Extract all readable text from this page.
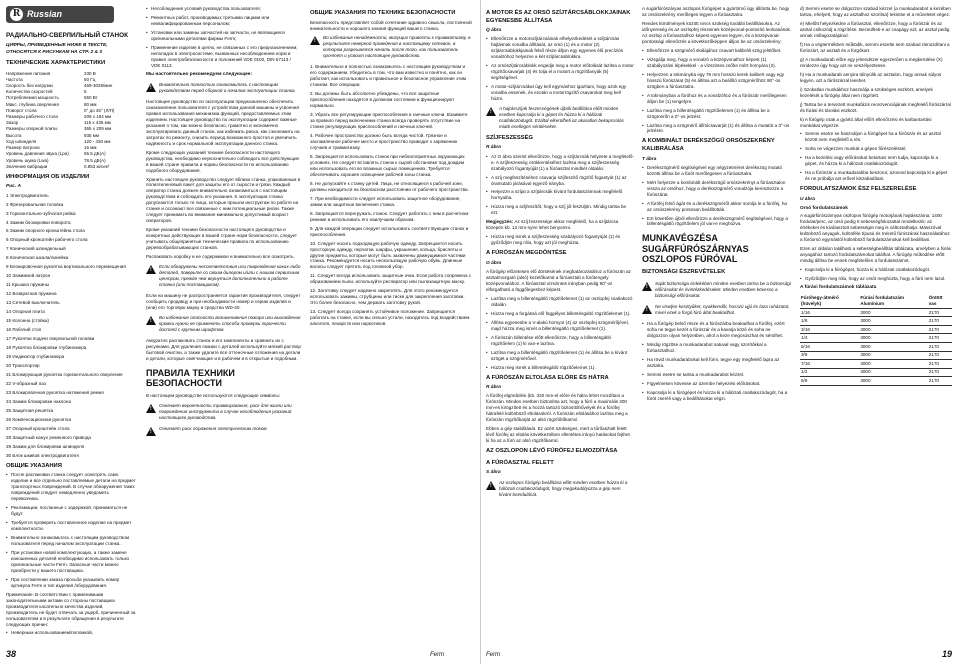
R Russian
РАДИАЛЬНО-СВЕРЛИЛЬНЫЙ СТАНОК
ЦИФРЫ, ПРИВЕДЕННЫЕ НИЖЕ В ТЕКСТЕ, ОТНОСЯТСЯ К РИСУНКАМ НА СТР. 2 & 3
ТЕХНИЧЕСКИЕ ХАРАКТЕРИСТИКИ
Напряжение питания	230 В
Частота	50 Гц
Скорость без нагрузки	469-3028/мин
Количество скоростей	5
Потребляемая мощность	550 Вт
Макс. глубина сверления	80 мм
Поворот стола	0° до 45° (Л/П)
Размеры рабочего стола	209 x 184 мм
Зазор	115 x 435 мм
Размеры опорной плиты	365 x 209 мм
Высота	935 мм
Ход шпинделя	120 - 430 мм
Размер патрона	16 мм
Уровень давления звука (Lpa)	65.5 дБ(A)
Уровень шума (Lwa)	78.5 дБ(A)
Значение вибрации	0.853 м/сек²
ИНФОРМАЦИЯ ОБ ИЗДЕЛИИ
Рис. A
1 Электродвигатель
2 Фрезеровальная головка
3 Горизонтально-зубчатая рейка
4 Зажим блокировки поворота
5 Зажим опорного кронштейна стола
6 Опорный кронштейн рабочего стола
7 Конический шпиндельный
8 Коническая шкала/линейка
9 Блокировочная рукоятка вертикального перемещения
10 Зажимной патрон
11 Крышка пружины
12 Возвратная пружина
13 Сетевой выключатель
14 Опорная плита
15 Колонна (стойка)
16 Рабочий стол
17 Рукоятки подачи сверлильной головки
18 Рукоятка блокировки глубиномера
19 Индикатор глубиномера
20 Транспортир
21 Блокирующая рукоятка горизонтального сверления
22 V-образный паз
23 Блокировочная рукоятка натяжения ремня
24 Зажим блокировки наклона
25 Защитная решётка
26 Компенсационная рукоятка
27 Опорный кронштейн стола
28 Защитный кожух ременного привода
29 Зажим для блокировки шпинделя
30 Блок шкивов электродвигателя
ОБЩИЕ УКАЗАНИЯ
• После распаковки станка следует осмотреть само изделие и все отдельно поставляемые детали на предмет транспортных повреждений. В случае обнаружения таких повреждений следует немедленно уведомить перевозчика.
• Рекламации, посланные с задержкой, приниматься не будут.
• Требуется проверить поставленное изделие на предмет комплектности.
• Внимательно ознакомьтесь с настоящим руководством пользователя перед началом эксплуатации станка.
• При установке новой комплектующих, а также замене изношенных деталей необходимо использовать только оригинальные части Ferm. Запасные части можно приобрести у вашего поставщика.
• При составлении заказа просьба указывать номер артикула Ferm и тип изделия /оборудования.

Примечание: В соответствии с применимыми законодательными актами со стороны поставщика производителя касательно качества изделий, производитель не будет отвечать за ущерб, причиненный за пользователем и в результате обращения в результате следующих причин:

• Неверным использованием/поломкой,
• Несоблюдения условий руководства пользователя;
• Ремонтных работ, производимых третьими лицами или неквалифицированным персоналом;
• Установки или замены запчастей на запчасти, не являющиеся оригинальными деталями фирмы Ferm;
• Применение изделия в целях, не связанных с его предназначением; неполадок в электросистеме, вызванных несоблюдением норм и правил электробезопасности и положений VDE 0100, DIN 57113 / VDE 0113.
Мы настоятельно рекомендуем следующее:
!
Внимательно полностью ознакомьтесь с настоящим руководством перед сборкой и началом эксплуатации станка.

Настоящее руководство по эксплуатации предназначено обеспечить ознакомление пользователя с устройством данной машины и усвоения правил использования механизма функций, предоставляемых этим изделием. Настоящее руководство по эксплуатации содержит важные указания о том, как можно безопасно, грамотно и экономично эксплуатировать данный станок, как избежать риска, как сэкономить на затратах по ремонту, снизить период возможного простоя и увеличить надёжность и срок нормальной эксплуатации данного станка.

Кроме следующих указаний технике безопасности настоящего руководства, необходимо неукоснительно соблюдать все действующие в вашей стране правила и нормы безопасности по использованию подобного оборудования.

Хранить настоящее руководство следует вблизи станка, упакованным в полиэтиленовый пакет для защиты его от сырости и грязи. Каждый оператор станка должен внимательно ознакомиться с настоящим руководством и соблюдать его указания. К эксплуатации станка допускаются только те лица, которые прошли инструктаж по работе на станке и осознают все связанные с ним потенциальные риски. Также следует принимать во внимание минимально допустимый возраст операторов.

Кроме указаний техники безопасности настоящего руководства и конкретных действующих в вашей стране норм безопасности, следует учитывать общепринятые технические правила по использованию деревообрабатывающих станков.

Распаковать коробку и ее содержимое и внимательно все осмотреть.

!
Если обнаружены несоответствия или повреждения каких-либо деталей, поверьте со своим дилером и/или с нашим сервисным центром, прежде чем вернуться дополнительно в работе станка (или поставщиком).

Если на машину не распространяется гарантия производителя, следует сообщить продавцу и при необходимости номер и серию изделия и (или) его торговую марку и средства WD-40.

!
Во избежание опасности возникновения пожара или выхождения кромки нужно не применять способа проверки горючести дисплей с крупным шрифтом.

Аккуратно распаковать станок и его компоненты и сравнить их с рисунками. Для удаления смазки с деталей используйте мягкий раствор бытовой очистки, а также удалите все оттеночные отложения на детали и детали, которые смягчающие и в рабочем и в открытые и подобным.

ПРАВИЛА ТЕХНИКИ БЕЗОПАСНОСТИ

В настоящем руководстве используются следующие символы:

!
Означает вероятность травмирования, риск для жизни или повреждения инструмента в случае несоблюдения указаний настоящего руководства.
!
Означает риск поражения электрическим током.
ОБЩИЕ УКАЗАНИЯ ПО ТЕХНИКЕ БЕЗОПАСНОСТИ

Безопасность представляет собой сочетание здравого смысла, постоянной внимательности и хорошего знания функций вашего станка.

!
Во избежание ненадёжности, могущих привести к травматизму, в результате неверной проведения в настоящему сетевое, в котором разрешается начать после того, как пользователь прочтет и усвоит настоящее руководство.
1. Внимательно и полностью ознакомьтесь с настоящим руководством и его содержанием. Убедитесь в том, что вам известно и понятно, как он работает, как использовать и правильное и безопасное управление этим станком. Все операции.
2. Вы должны быть абсолютно убеждены, что все защитные приспособления находятся в должном состоянии и функционируют нормально.
3. Убрать все регулирующие приспособления и гаечные ключи. Взаимите за правило перед включением станка всегда проверять отсутствие на станке регулирующих приспособлений и гаечных ключей.
4. Рабочее пространство должно быть всегда чистой. Грязное и захламленное рабочее место и пространство приводит к заряжению случаев и травматизму.
5. Запрещается использовать станок при неблагоприятных окружающих условиях. Не следует вставлять станок к сырой обстановке под дождем или использовать его во влажных сырых помещениях. Требуется обеспечивать хорошее освещение рабочей зоны станка.
6. Не допускайте к станку детей. Лица, не относящиеся к рабочей зоне, должны находиться на безопасном расстоянии от рабочего пространства.
7. При необходимости следует использовать защитное оборудование, замки или защитные включения станка.
8. Запрещается перегружать станок. Следует работать с ним в расчетном режиме и использовать его наилучшим образом.
9. Для каждой операции следует использовать соответствующие станок и приспособления.
10. Следует носить подходящую рабочую одежду. Запрещается носить просторную одежду, перчатки, шарфы, украшения, кольца, браслеты и другие предметы, которые могут быть захвачены движущимися частями станка. Рекомендуется носить нескользящую рабочую обувь. Длинные волосы следует прятать под головной убор.
11. Следует всегда использовать защитные очки. Если работа сопряжена с образованием пыли, используйте респиратор или пылезащитную маску.
12. Заготовку следует надежно закреплять. Для этого рекомендуется использовать зажимы, струбцины или тиски для закрепления заготовки. Это более безопасно, чем держать заготовку рукой.
13. Следует всегда сохранять устойчивое положение. Запрещается работать на станке, если вы сильно устали, находитесь под воздействием алкоголя, лекарств или наркотиков.
38	Ferm
A MOTOR ÉS AZ ORSÓ SZÍJTÁRCSÁBLOKKJAINAK EGYENESBE ÁLLÍTÁSA
Q ábra
• Ellenőrizze a motorszíjtárcsáinak elhelyezkedését a szíjtárcsás hajtásnak vonalba állítását, az orsó (1) és a motor (2) szíjtárcsablokkjainak felső része álljon egy egyenes élű precíziós vonalzóhoz helyezve a két szíjtárcsablokkra.
• Az orsószíjtárcsáblokk engedje meg a motor előtolását lazítsa a motor rögzítőcsavarjait (4) és tolja el a motort a rögzítőanyák (5) segítségével.
• A motor-szíjtárcsákat úgy kell egymáshoz igazítani, hogy azok egy vonalba essenek, és ezután a motorrögzítő csavarokat meg kell húzni.
!
A hajtásszíjak feszességének újbóli beállítása előtt minden esetben kapcsolja ki a gépet és húzza ki a hálózati csatlakozódugót. Ezáltal elkerülheti az akaratlan bekapcsolás miatti esetleges sérüléseket.
SZÍJFESZESSÉG
R ábra
• Az O ábra szerint ellenőrizze, hogy a szíjtárcsák helyzete a megfelelő-e. A szíjfeszesség csökkentéséhez lazítsa meg a szíjfeszesség szabályozó fogantyúját (1) a fúróasztal mindkét oldalán.
• A szíj megfeszítéséhez csavarja szíjfeszítő rögzítő fogantyút (1) az óramutató járásával egyező irányba.
• Helyezze a szíjat a szíjtárcsák kívánt fordulatszámnak megfelelő hornyaiba.
• Húzza meg a szíjfeszítőt, hogy a szíj jól feszüljön. Mindig tartsa be ezt.

Megjegyzés: Az szíj feszessége akkor megfelelő, ha a szíjtárcsa közepén kb. 12 mm-nyire lehet benyomni.

• Húzza meg ismét a szíjfeszesség szabályozó fogantyúját (1) és győződjön meg róla, hogy azt jól meghúzta.
A FÚRÓSZÁN MEGDÖNTÉSE
O ábra

A fúrógép előzetesen elő döntésének meghatározásához a fúrószán az asztalmozgató (alsó) kezelőkarral a fúróasztalt a fúrótengely középvonalához. A fúróasztal vízszintes irányban pedig 90°-al elforgatható a függőlegeshez képest.

• Lazítsa meg a billentésgátló rögzítőelemet (1) az oszlopfej csatlakozó oldalán.
• Húzza meg a forgássá elő függélyes billentésgátló rögzítőelemet (1).
• Állítsa egyenesbe a V-alakú hornyot (4) az oszlopfej szögmérőjével, majd húzza meg ismét a billentésgátló rögzítőelemet (1).
• A fúrószán billentése előtt ellenőrizze, hogy a billentésgátló rögzítőelem (1) ki van-e lazítva.
• Lazítsa meg a billentésgátló rögzítőelemet (1) és állítsa be a kívánt szöget a szögmérővel.
• Húzza meg ismét a billentésgátló rögzítőelemet (1).
A FÚRÓSZÁN ELTOLÁSA ELŐRE ÉS HÁTRA
R ábra

A fúrófej elgördülési (kb. 320 mm-el előre és hátra lehet mozdítani a fúrószán. Minden esetben biztosítsa azt, hogy a fúró a maximális 300 mm-es kirögzített és a hozzá tartozó biztosítóhűvelyét és a fúrófej hátrafelé különböző eltolásokról. A fúrószán eltolásához lazítsa meg a fúrószán rögzítőkarját az alsó rögzítőtőkarral.

Ebben a gép stabilitását. Ez azért szükséges, mert a tűrőasztalt felett lévő fúrófej az eltolás következtében ellentétes irányú hatásokat fejthet ki ha az a fúró az alsó rögzítőkarral.

AZ OSZLOPON LÉVŐ FÚRÓFEJ ELMOZDÍTÁSA
A FÚRÓASZTAL FELETT
S ábra
!
Az oszlopos fúrógép beállítása előtt minden esetben húzza ki a hálózati csatlakozódugót, hogy megakadályozza a gép nem kívánt beindulását.

A sugárfúrószáryas oszlopos fúrógépet a gyártómű úgy állította be, hogy az orsószekrény merőleges legyen a fúróasztalra.

Rendes körülmények között nincs szükség további beállításokra. Az időnyereség és az oszlopfej részeinek középvonal-pontosító leolvasások. Az oszlop a fúróasztalhoz képest egyenes legyen, és a középvonal-pontossági ellenőrzés a következőképpen álljon be az orsószekrény:

• Ellenőrizze a szögmérő skálájához csavart kalibrált szög jelölőket.
• Vizsgálja meg, hogy a vonalzó a középvonalhoz képest (1) szabályozási lépésekkel - a vízszintes csőhe mért hornyára (2).
• Helyezzen a tokmányba egy 76 mm hosszú kerek kalibert vagy egy hosszú fúrószárat (5) és állítsa azt a beállító szögmérőhöz 90°-os szögben a fúróasztalra.
• A tokmányban a fúróhoz és a vonalzóhoz és a fúrószár merőlegesen álljon be (1) tengelyre.
• Lazítsa meg a billentésgátló rögzítőelemet (1) és állítsa be a szögmérőn a 0°-os jelzést.
• Lazítsa meg a szögmérő állítócsavarját (1) és állítsa a mutatót a 0°-os jelzésre.
A KOMBINÁLT DERÉKSZÖGŰ ORSÓSZEKRÉNY KALIBRÁLÁSA
T ábra
• Derékszögmérő segítségével egy négyzetméret derékszög mutató közötti állítsa be a fúrót merőlegesen a fúróasztalra.
• Mért helyezze a kombinált derékszögű orsószekrényt a fúróasztalon vissza az orsóhoz, hogy a derékszögmérő vonalzója keresztezze a fúrószárat.
• A fúrófej felső ágát és a derékszögmérőt akkor sorolja le a fúrófej, ha az orsószekrény pontosan beállították.
• Ezt követően újból ellenőrizze a derékszögmérő segítségével, hogy a billentésgátló rögzítőelem jól van-e meghúzva.
MUNKAVÉGZÉSA SUGÁRFÚRÓSZÁRNYAS OSZLOPOS FÚRÓVAL
BIZTONSÁGI ÉSZREVÉTELEK
!
Saját biztonsága érdekében minden esetben tartsa be a biztonsági előírásokat és óvintézkedéseket. Minden esetben kövesse a biztonsági előírásokat.
!
Ne viseljen kesztyűket, nyakkendőt, hosszú ujjú és laza ruházatot, mivel ezek a forgó fúró által beakadhat.
• Ha a fúrógép belső része és a fúrószárba beakadhat a fúrófej, ezért soha ne tegye kezét a fúrószár és a kavarja közé és soha ne dolgozzon olyan helyzetben, ahol a keze megcsúszhat és sérülhet.
• Mindig rögzítse a munkadarabot satuval vagy szorítókkal a fúróasztalhoz.
• Ha rövid munkadarabokat kell fúrni, tegye egy megfelelő lapra az asztalra.
• Semmi esetre se tartsa a munkadarabot kézzel.
• Figyelmesen kövesse az üzembe helyezési előírásokat.
• Kapcsolja ki a fúrógépet és húzza ki a hálózati csatlakozódugót, ha a fúrót cseréli vagy a beállításokat végzi.

d) Semmi esetre se dolgozzon szabad kézzel (a munkadarabot a kezében tartva, ehelyett, hogy az asztalhoz szorítsa) tekintse el a műveletet végez.

e) Mielőtt helyezkedne a fúróasztal, ellenőrizze, hogy a fúrószár és az asztal csíkozódj a rögzítése. Becsülheti-e az csapágy azt, az asztal pedig annak csillagozatájánul.

f) Ha a végtermékben működik, semmi eszelte sem szabad rámozdítani a fúrószárt, az asztalt és a forgókart.

g) A munkadarab előre egy jelrendszer egyszerűen a megkerülése (X) rendezze úgy hogy azt ne veszélyeztesse.

h) Ha a munkadarab annyira túlnyúlik az asztalon, hogy annak súlyos legyen, azt a fúrószárral leeshet.

i) Szokatlan munkákhoz használja a szükséges eszközt, amelyek kezelését a fúrógép által nem rögzített.

j) Tartsa be a tervezett munkafázis recezvenciájának megfelelő fúrószárral és fúrási és tárolási eszközt.

k) A fúrógép csak a gyártó által előírt ellenőrzési és karbantartási munkákat végezze.

• Semmi esetre se használjon a fúrógépet ha a fúrószár és az asztal között nem megfelelő a rés.
• Soha ne végezzen munkát a gépen fűrészeléssel.
• Ha a kezelési vagy előírásokat betartani nem tudja, kapcsolja ki a gépet, és húzza ki a hálózati csatlakozódugót.
• Ha a fúrószár a munkadarabba beszorul, azonnal kapcsolja ki a gépet és ne próbálja azt erővel kiszabadítani.
FORDULATSZÁMOK ÉSZ FELSZERELÉSE
U ábra
Orsó fordulatszámok

A sugárfúrószárnyas oszlopos fúrógép motorjának hajtásszáma: 1400 fordulat/perc, az orsó pedig 5 sebességfokozattal rendelkezik: az értékeket és kiválasztott sebességet meg is változtathatja. Másszóval különböző anyagok, különféle típusú és méretű fúrószárak használatához a fúróorsó egymástól különböző fordulatszámokat kell beállítani.

Ezen az oldalon található a sebességbeállítás táblázata, amelyben a fúrás anyagához tartozó fordulatszámokat találhat. A fúrógép működése előtt mindig állítsa be ennek megfelelően a fordulatszámot.

• Kapcsolja ki a fúrógépet, húzza ki a hálózati csatlakozódugót.
• Győződjön meg róla, hogy az orsót meghúzta, hogy a fúró nem lazul.
A fúrási fordulatszámok táblázata
Fúróhegy-átmérő (hüvelyk)	Fúrási fordulatszám Alumínium	Öntött vas
1/16	3000	2170
1/8	3000	2170
3/16	3000	2170
1/4	3000	2170
5/16	3000	2170
3/8	3000	2170
7/16	3000	2170
1/2	3000	2170
5/8	3000	2170
Ferm	19
